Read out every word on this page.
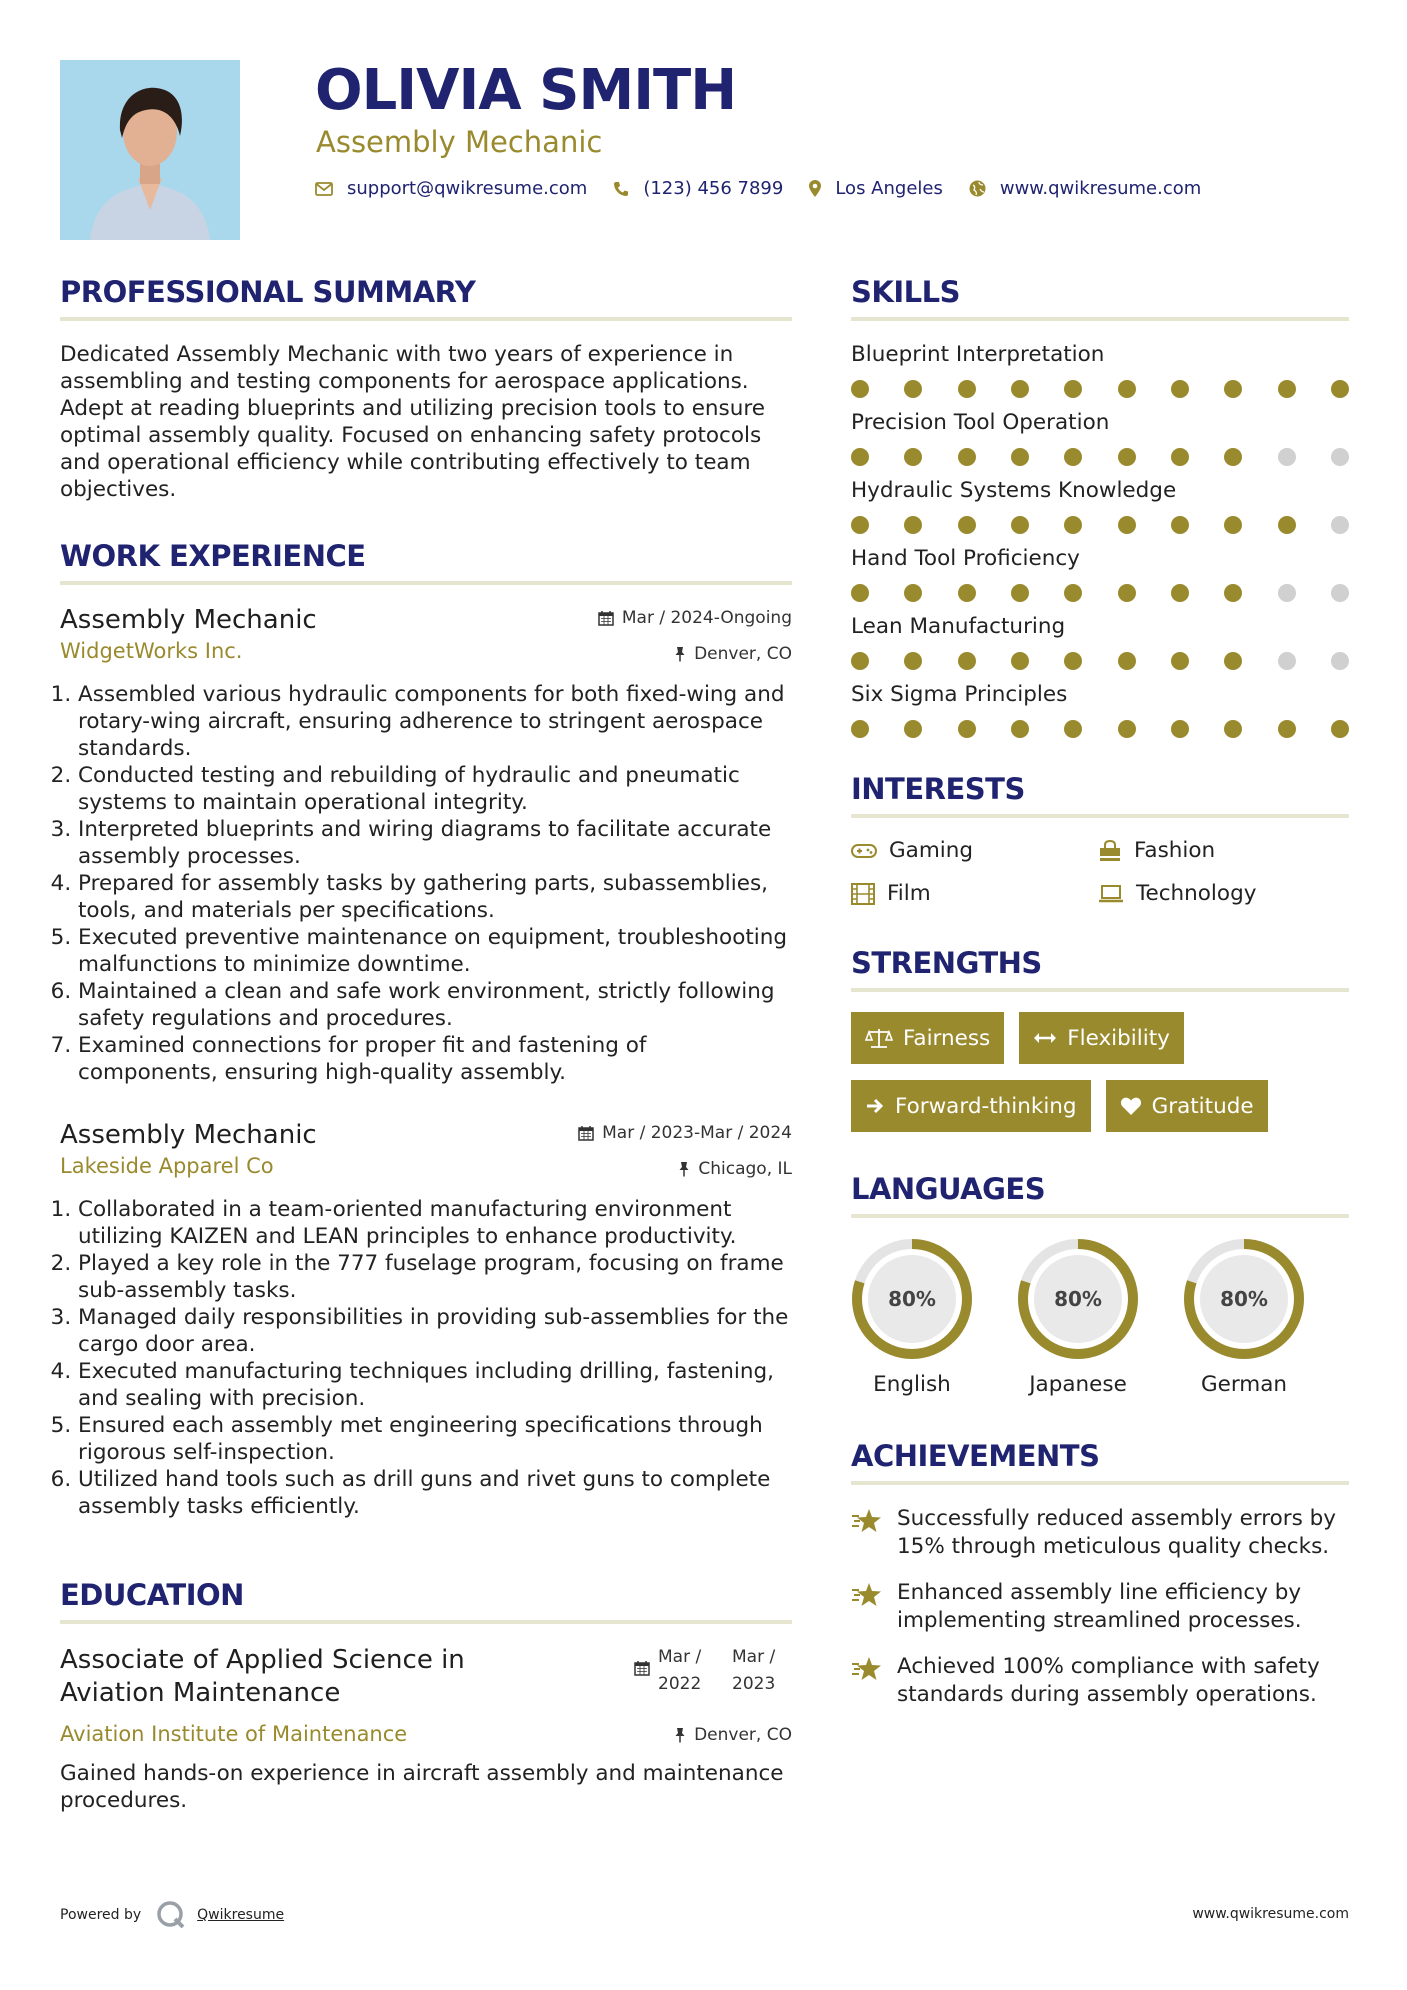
OLIVIA SMITH
Assembly Mechanic
support@qwikresume.com	(123) 456 7899	Los Angeles	www.qwikresume.com
PROFESSIONAL SUMMARY

Dedicated Assembly Mechanic with two years of experience in assembling and testing components for aerospace applications. Adept at reading blueprints and utilizing precision tools to ensure optimal assembly quality. Focused on enhancing safety protocols and operational efficiency while contributing effectively to team objectives.

WORK EXPERIENCE
Assembly Mechanic	Mar / 2024-Ongoing
WidgetWorks Inc.	Denver, CO
1. Assembled various hydraulic components for both fixed-wing and rotary-wing aircraft, ensuring adherence to stringent aerospace standards.
2. Conducted testing and rebuilding of hydraulic and pneumatic systems to maintain operational integrity.
3. Interpreted blueprints and wiring diagrams to facilitate accurate assembly processes.
4. Prepared for assembly tasks by gathering parts, subassemblies, tools, and materials per specifications.
5. Executed preventive maintenance on equipment, troubleshooting malfunctions to minimize downtime.
6. Maintained a clean and safe work environment, strictly following safety regulations and procedures.
7. Examined connections for proper fit and fastening of components, ensuring high-quality assembly.
Assembly Mechanic	Mar / 2023-Mar / 2024
Lakeside Apparel Co	Chicago, IL
1. Collaborated in a team-oriented manufacturing environment utilizing KAIZEN and LEAN principles to enhance productivity.
2. Played a key role in the 777 fuselage program, focusing on frame sub-assembly tasks.
3. Managed daily responsibilities in providing sub-assemblies for the cargo door area.
4. Executed manufacturing techniques including drilling, fastening, and sealing with precision.
5. Ensured each assembly met engineering specifications through rigorous self-inspection.
6. Utilized hand tools such as drill guns and rivet guns to complete assembly tasks efficiently.
EDUCATION
Associate of Applied Science in Aviation Maintenance
Mar / 2022
Mar / 2023
Aviation Institute of Maintenance	Denver, CO

Gained hands-on experience in aircraft assembly and maintenance procedures.

SKILLS
Blueprint Interpretation
Precision Tool Operation
Hydraulic Systems Knowledge
Hand Tool Proficiency
Lean Manufacturing
Six Sigma Principles
INTERESTS
Gaming	Fashion
Film	Technology
STRENGTHS
Fairness	Flexibility
Forward-thinking	Gratitude
LANGUAGES
80%
English
80%
Japanese
80%
German
ACHIEVEMENTS
Successfully reduced assembly errors by 15% through meticulous quality checks.
Enhanced assembly line efficiency by implementing streamlined processes.
Achieved 100% compliance with safety standards during assembly operations.
Powered by	Qwikresume	www.qwikresume.com
